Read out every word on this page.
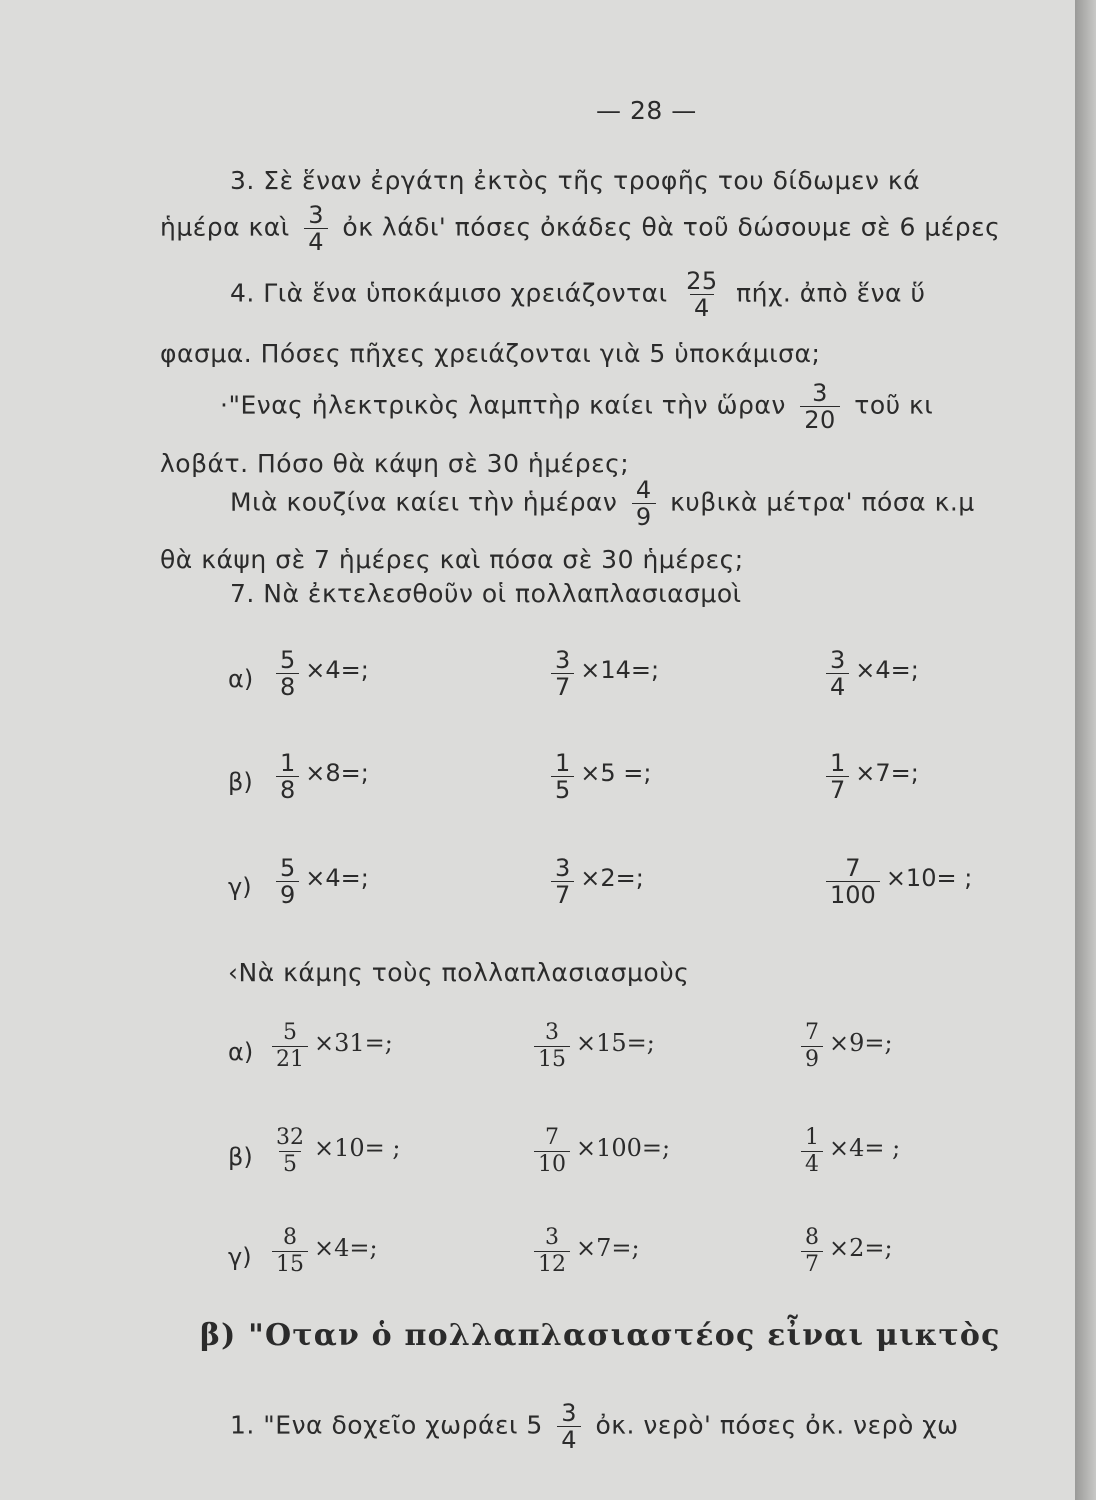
— 28 —
3. Σὲ ἕναν ἐργάτη ἐκτὸς τῆς τροφῆς του δίδωμεν κά
ἡμέρα καὶ $\frac{3}{4}$ ὀκ λάδι' πόσες ὀκάδες θὰ τοῦ δώσουμε σὲ 6 μέρες
4. Γιὰ ἕνα ὑποκάμισο χρειάζονται $\frac{25}{4} \pi ή\chi$. ἀπὸ ἕνα ὕ
φασμα. Πόσες πῆχες χρειάζονται γιὰ 5 ὑποκάμισα;
·"Ενας ἠλεκτρικὸς λαμπτὴρ καίει τὴν ὥραν $\frac{3}{20}$ τοῦ κι
λοβάτ. Πόσο θὰ κάψη σὲ 30 ἡμέρες;
Μιὰ κουζίνα καίει τὴν ἡμέραν $\frac{4}{9}$ κυβικὰ μέτρα' πόσα κ.μ
θὰ κάψη σὲ 7 ἡμέρες καὶ πόσα σὲ 30 ἡμέρες;
7. Νὰ ἐκτελεσθοῦν οἱ πολλαπλασιασμοὶ
$\alpha) \frac{5}{8} \times 4=$;	$\frac{3}{7} \times 14=$;	$\frac{3}{4} \times 4=$;
$\beta) \frac{1}{8} \times 8=$;	$\frac{1}{5} \times 5$ =;	$\frac{1}{7} \times 7=$;
$\gamma) \frac{5}{9} \times 4=$;	$\frac{3}{7} \times 2=$;	$\frac{7}{100} \times 10=$ ;
‹Νὰ κάμης τοὺς πολλαπλασιασμοὺς
$\alpha) \frac{5}{21} \times 31=$;	$\frac{3}{15} \times 15=$;	$\frac{7}{9} \times 9=$;
$\beta) \frac{32}{5} \times 10=$ ;	$\frac{7}{10} \times 100=$;	$\frac{1}{4} \times 4=$ ;
$\gamma) \frac{8}{15} \times 4=$;	$\frac{3}{12} \times 7=$;	$\frac{8}{7} \times 2=$;
β) "Οταν ὁ πολλαπλασιαστέος εἶναι μικτὸς
1. "Ενα δοχεῖο χωράει $5 \frac{3}{4}$ ὀκ. νερὸ' πόσες ὀκ. νερὸ χω
